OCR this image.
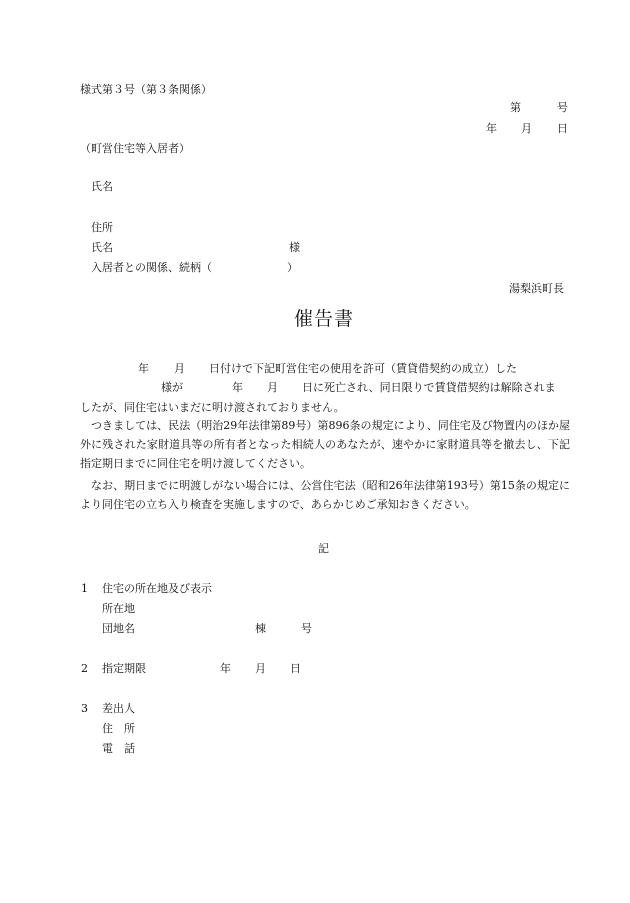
様式第３号（第３条関係）
第	号
年 月 日
（町営住宅等入居者）
氏名
住所
氏名	様
入居者との関係、続柄（	）
湯梨浜町長
催告書
年 月 日付けで下記町営住宅の使用を許可（賃貸借契約の成立）した
様が	年 月 日に死亡され、同日限りで賃貸借契約は解除されま
したが、同住宅はいまだに明け渡されておりません。
　つきましては、民法（明治29年法律第89号）第896条の規定により、同住宅及び物置内のほか屋外に残された家財道具等の所有者となった相続人のあなたが、速やかに家財道具等を撤去し、下記指定期日までに同住宅を明け渡してください。
　なお、期日までに明渡しがない場合には、公営住宅法（昭和26年法律第193号）第15条の規定により同住宅の立ち入り検査を実施しますので、あらかじめご承知おきください。
記
1 住宅の所在地及び表示
所在地
団地名	棟	号
2 指定期限	年 月 日
3 差出人
住　所
電　話
